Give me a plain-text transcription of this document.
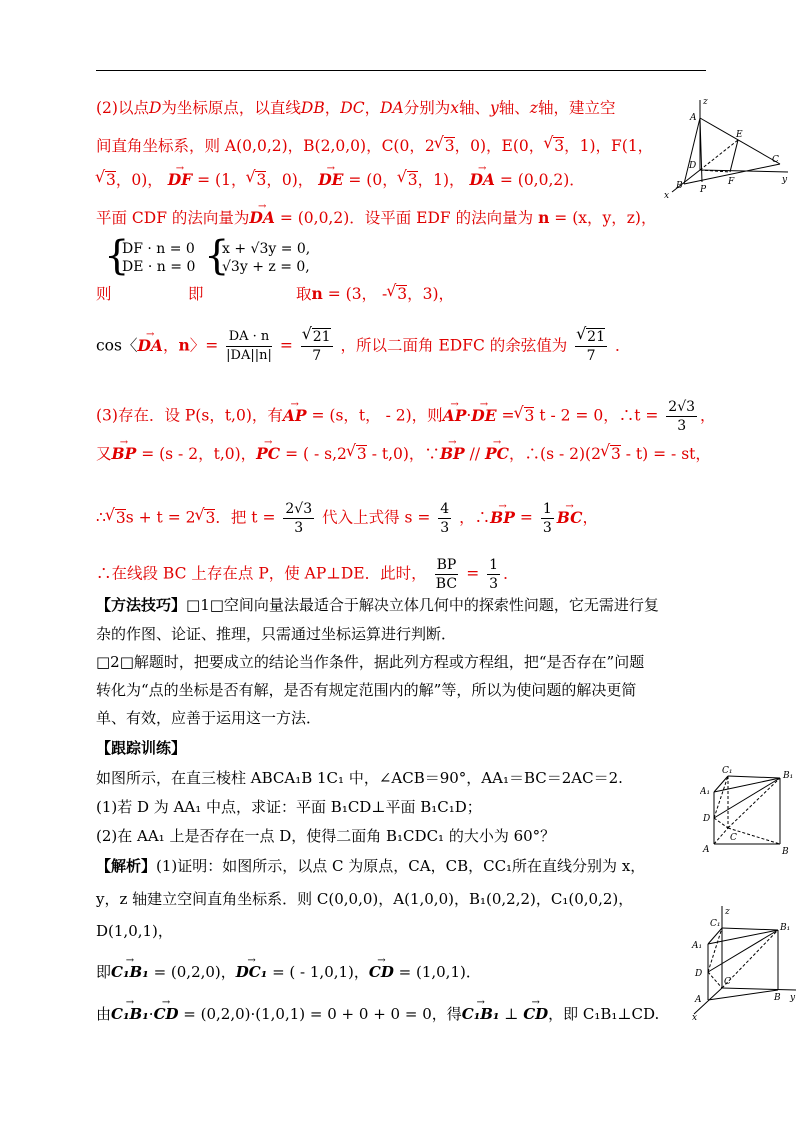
(2)以点D为坐标原点，以直线DB，DC，DA分别为x轴、y轴、z轴，建立空
间直角坐标系，则 A(0,0,2)，B(2,0,0)，C(0，2 √ 3，0)，E(0， √ 3，1)，F(1，
√ 3，0)， → DF = (1， √ 3，0)， → DE = (0， √ 3，1)， → DA = (0,0,2)．
平面 CDF 的法向量为→ DA = (0,0,2)．设平面 EDF 的法向量为 n = (x，y，z)，
{
DF · n = 0
DE · n = 0 {
x + √3y = 0,
√3y + z = 0,
则	即	取n = (3， - √ 3，3)，
cos〈→ DA，n〉= $\frac{DA \cdot n}{|DA||n|}$ = √ $\frac{21}{7}$ ，所以二面角 EDFC 的余弦值为 √ $\frac{21}{7}$ ．
(3)存在．设 P(s，t,0)，有→ AP = (s，t， - 2)，则→ AP·→ DE = √ 3 t - 2 = 0，∴t = $\frac{2√3}{3}$ ，
又→ BP = (s - 2，t,0)，→ PC = ( - s,2 √ 3 - t,0)，∵→ BP // → PC，∴(s - 2)(2 √ 3 - t) = - st，
∴ √ 3s + t = 2 √ 3．把 $t = \frac{2√3}{3}$ 代入上式得 $s = \frac{4}{3}$ ，∴→ BP = $\frac{1}{3}$ → BC，
∴在线段 BC 上存在点 P，使 AP⊥DE．此时， $\frac{BP}{BC} = \frac{1}{3}$ ．
【方法技巧】□1□空间向量法最适合于解决立体几何中的探索性问题，它无需进行复
杂的作图、论证、推理，只需通过坐标运算进行判断．
□2□解题时，把要成立的结论当作条件，据此列方程或方程组，把“是否存在”问题
转化为“点的坐标是否有解，是否有规定范围内的解”等，所以为使问题的解决更简
单、有效，应善于运用这一方法．
【跟踪训练】
如图所示，在直三棱柱 ABCA₁B 1C₁ 中，∠ACB＝90°，AA₁＝BC＝2AC＝2.
(1)若 D 为 AA₁ 中点，求证：平面 B₁CD⊥平面 B₁C₁D；
(2)在 AA₁ 上是否存在一点 D，使得二面角 B₁CDC₁ 的大小为 60°？
【解析】(1)证明：如图所示，以点 C 为原点，CA，CB，CC₁所在直线分别为 x，
y，z 轴建立空间直角坐标系．则 C(0,0,0)，A(1,0,0)，B₁(0,2,2)，C₁(0,0,2)，
D(1,0,1)，
即→ C₁B₁ = (0,2,0)，→ DC₁ = ( - 1,0,1)，→ CD = (1,0,1)．
由→ C₁B₁·→ CD = (0,2,0)·(1,0,1) = 0 + 0 + 0 = 0，得→ C₁B₁ ⊥ → CD，即 C₁B₁⊥CD.
z
A
E
D
C
y
B P
F
x
C₁	B₁
A₁
D
A
C
B
z
C₁	B₁
A₁
D
A
C
B y
x
